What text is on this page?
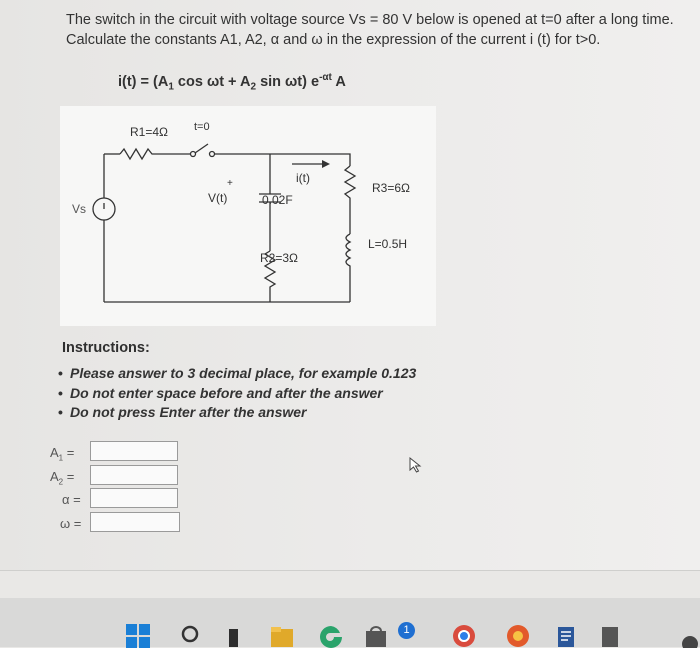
The switch in the circuit with voltage source Vs = 80 V below is opened at t=0 after a long time.
Calculate the constants A1, A2, α and ω in the expression of the current i (t) for t>0.
$i(t) = (A_1$ $\cos \omega t + A_2$ sin ωt) $e^{-\alpha t}$ A
R1=4Ω t=0
Vs
+
V(t)	0.02F
i(t)
R2=3Ω
R3=6Ω
L=0.5H
Instructions:
• Please answer to 3 decimal place, for example 0.123
• Do not enter space before and after the answer
• Do not press Enter after the answer
$A_1$ =
$A_2$ =
α =
ω =
1
